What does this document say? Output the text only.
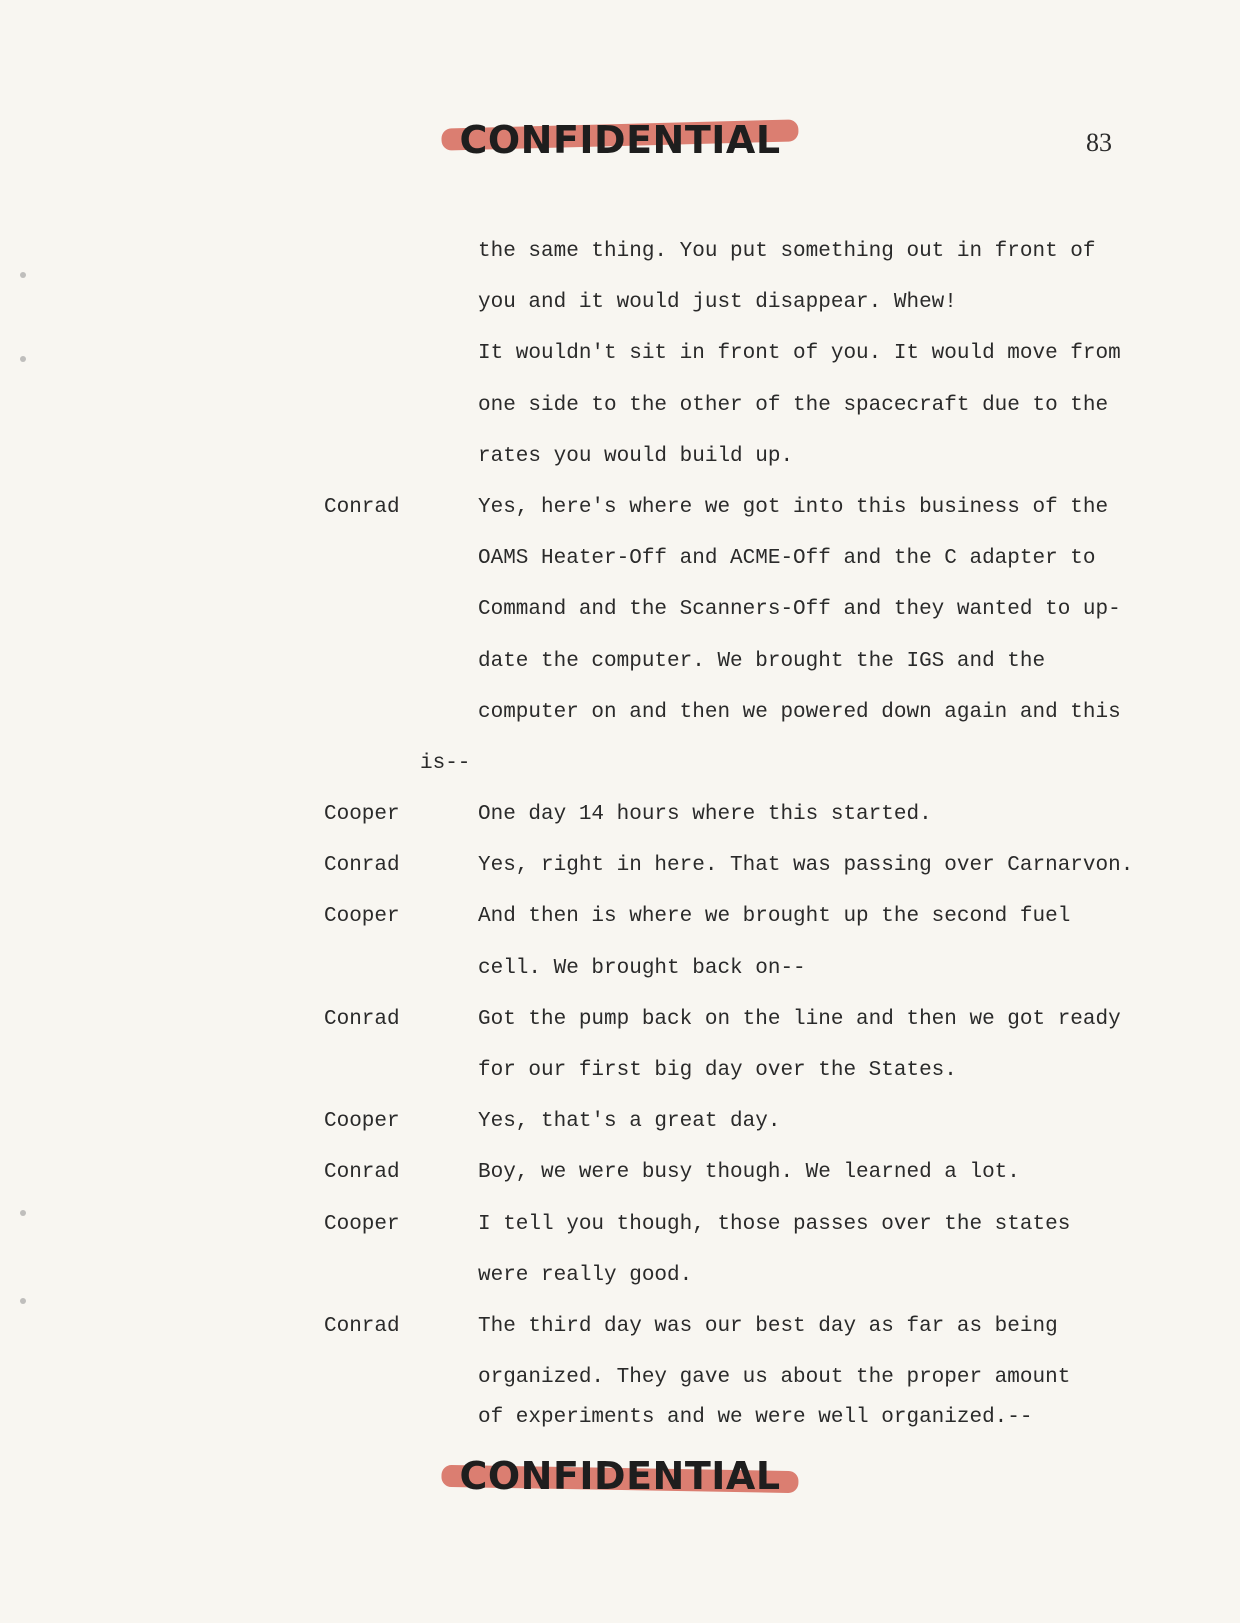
CONFIDENTIAL	83
the same thing. You put something out in front of
you and it would just disappear. Whew!
It wouldn't sit in front of you. It would move from
one side to the other of the spacecraft due to the
rates you would build up.
Conrad	Yes, here's where we got into this business of the
OAMS Heater-Off and ACME-Off and the C adapter to
Command and the Scanners-Off and they wanted to up-
date the computer. We brought the IGS and the
computer on and then we powered down again and this
is--
Cooper	One day 14 hours where this started.
Conrad	Yes, right in here. That was passing over Carnarvon.
Cooper	And then is where we brought up the second fuel
cell. We brought back on--
Conrad	Got the pump back on the line and then we got ready
for our first big day over the States.
Cooper	Yes, that's a great day.
Conrad	Boy, we were busy though. We learned a lot.
Cooper	I tell you though, those passes over the states
were really good.
Conrad	The third day was our best day as far as being
organized. They gave us about the proper amount
of experiments and we were well organized.--
CONFIDENTIAL
